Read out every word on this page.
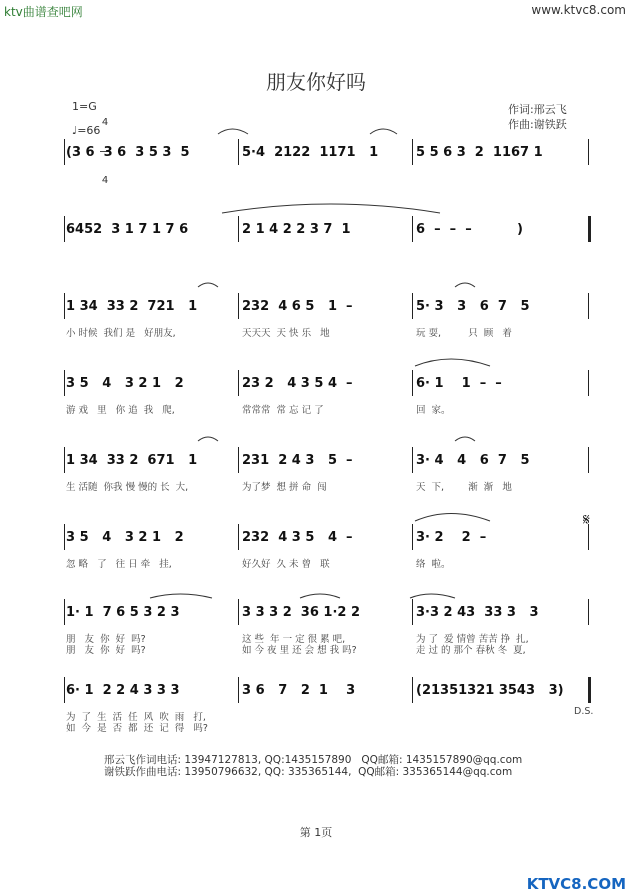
ktv曲谱查吧网	www.ktvc8.com
朋友你好吗
1=G

4

4

♩=66
作词:邢云飞
作曲:谢铁跃
(3 6  3 6  3 5 3  5	5·4  2122  1171   1	5 5 6 3  2  1167 1
6452  3 1 7 1 7 6	2 1 4 2 2 3 7  1	6  –  –  –          )
1 34  33 2  721   1
小 时候  我们 是   好朋友,
232  4 6 5   1  –
天天天  天 快 乐   地
5· 3   3   6  7   5
玩 耍,         只  顾   着
3 5   4   3 2 1   2
游 戏   里   你 追  我   爬,
23 2   4 3 5 4  –
常常常  常 忘 记 了
6· 1    1  –  –
回  家。
1 34  33 2  671   1
生 活随  你我 慢 慢的 长  大,
231  2 4 3   5  –
为了梦  想 拼 命  闯
3· 4   4   6  7   5
天  下,        渐  渐   地
3 5   4   3 2 1   2
忽 略   了   往 日 牵   挂,
232  4 3 5   4  –
好久好  久 未 曾   联
3· 2    2  –
络  啦。
1· 1  7 6 5 3 2 3
朋   友  你  好  吗?
朋   友  你  好  吗?
3 3 3 2  36 1·2 2
这 些  年 一 定 很 累 吧,
如 今 夜 里 还 会 想 我 吗?
3·3 2 43  33 3   3
为 了  爱 情曾 苦苦 挣  扎,
走 过 的 那个 春秋 冬  夏,
6· 1  2 2 4 3 3 3
为  了  生  活  任  风  吹  雨   打,
如  今  是  否  都  还  记  得   吗?
3 6   7   2  1    3	(21351321 3543   3)
𝄋
D.S.
邢云飞作词电话: 13947127813, QQ:1435157890   QQ邮箱: 1435157890@qq.com
谢铁跃作曲电话: 13950796632, QQ: 335365144,  QQ邮箱: 335365144@qq.com
第 1页
KTVC8.COM
